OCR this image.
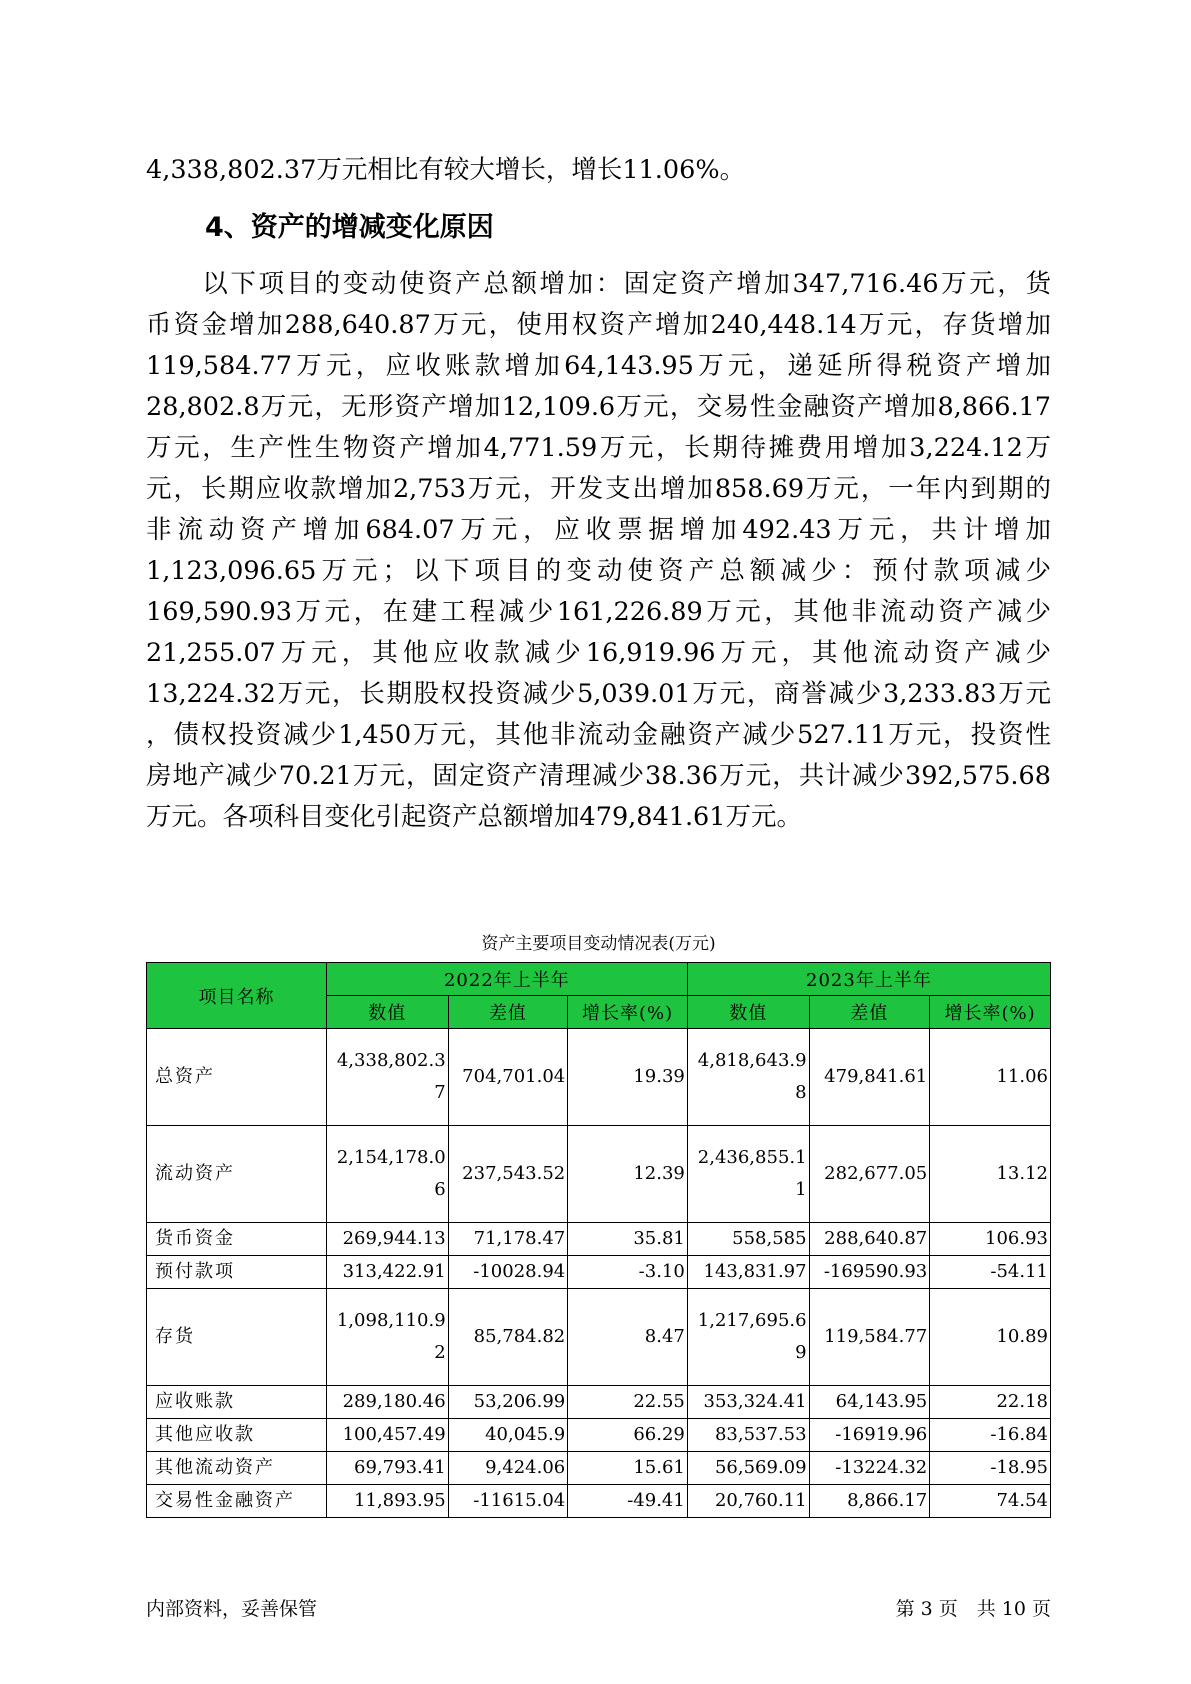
4,338,802.37万元相比有较大增长，增长11.06%。
4、资产的增减变化原因
　　以下项目的变动使资产总额增加：固定资产增加347,716.46万元，货
币资金增加288,640.87万元，使用权资产增加240,448.14万元，存货增加
119,584.77万元，应收账款增加64,143.95万元，递延所得税资产增加
28,802.8万元，无形资产增加12,109.6万元，交易性金融资产增加8,866.17
万元，生产性生物资产增加4,771.59万元，长期待摊费用增加3,224.12万
元，长期应收款增加2,753万元，开发支出增加858.69万元，一年内到期的
非流动资产增加684.07万元，应收票据增加492.43万元，共计增加
1,123,096.65万元；以下项目的变动使资产总额减少：预付款项减少
169,590.93万元，在建工程减少161,226.89万元，其他非流动资产减少
21,255.07万元，其他应收款减少16,919.96万元，其他流动资产减少
13,224.32万元，长期股权投资减少5,039.01万元，商誉减少3,233.83万元
，债权投资减少1,450万元，其他非流动金融资产减少527.11万元，投资性
房地产减少70.21万元，固定资产清理减少38.36万元，共计减少392,575.68
万元。各项科目变化引起资产总额增加479,841.61万元。

资产主要项目变动情况表(万元)

项目名称	2022年上半年			2023年上半年		
	数值	差值	增长率(%)	数值	差值	增长率(%)
总资产	4,338,802.37	704,701.04	19.39	4,818,643.98	479,841.61	11.06
流动资产	2,154,178.06	237,543.52	12.39	2,436,855.11	282,677.05	13.12
货币资金	269,944.13	71,178.47	35.81	558,585	288,640.87	106.93
预付款项	313,422.91	-10028.94	-3.10	143,831.97	-169590.93	-54.11
存货	1,098,110.92	85,784.82	8.47	1,217,695.69	119,584.77	10.89
应收账款	289,180.46	53,206.99	22.55	353,324.41	64,143.95	22.18
其他应收款	100,457.49	40,045.9	66.29	83,537.53	-16919.96	-16.84
其他流动资产	69,793.41	9,424.06	15.61	56,569.09	-13224.32	-18.95
交易性金融资产	11,893.95	-11615.04	-49.41	20,760.11	8,866.17	74.54

内部资料，妥善保管	第 3 页　共 10 页
